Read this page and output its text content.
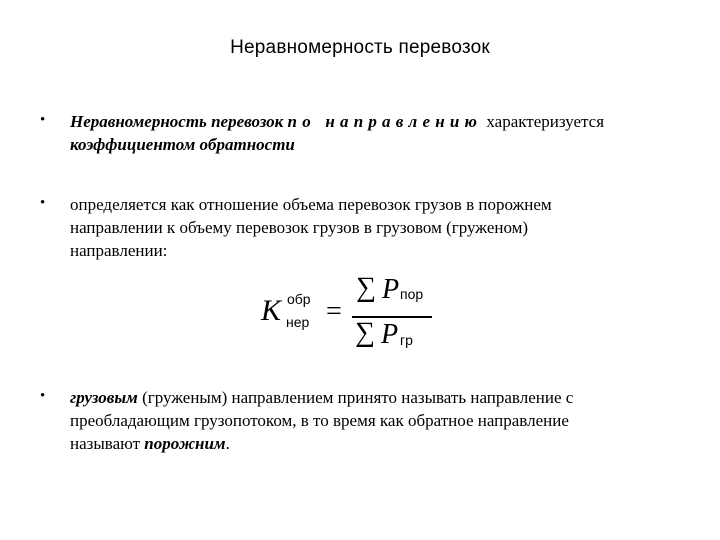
Неравномерность перевозок
• Неравномерность перевозок по направлению характеризуется
коэффициентом обратности
• определяется как отношение объема перевозок грузов в порожнем
направлении к объему перевозок грузов в грузовом (груженом)
направлении:
K обр
нер =
∑ P пор
∑ P гр
• грузовым (груженым) направлением принято называть направление с
преобладающим грузопотоком, в то время как обратное направление
называют порожним.
